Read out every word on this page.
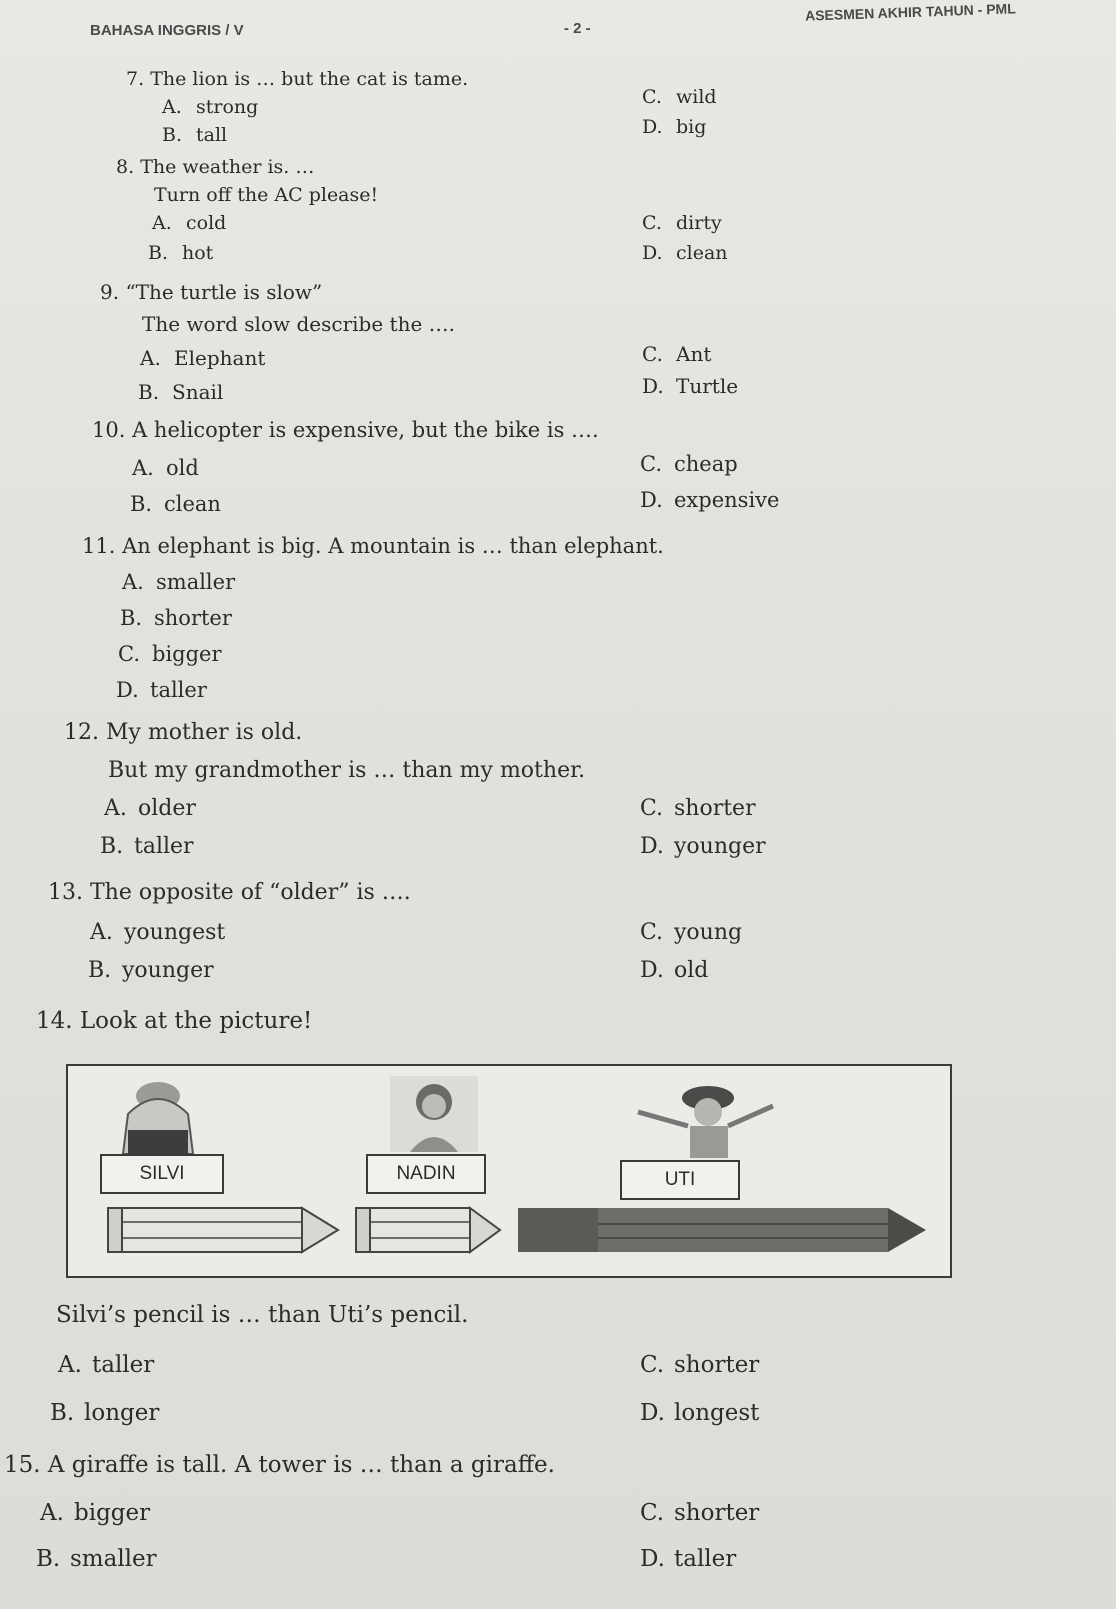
BAHASA INGGRIS / V	- 2 -
ASESMEN AKHIR TAHUN - PML
7. The lion is … but the cat is tame.
A. strong
B. tall
C. wild
D. big
8. The weather is. …
Turn off the AC please!
A. cold
B. hot
C. dirty
D. clean
9. “The turtle is slow”
The word slow describe the ….
A. Elephant
B. Snail
C. Ant
D. Turtle
10. A helicopter is expensive, but the bike is ….
A. old
B. clean
C. cheap
D. expensive
11. An elephant is big. A mountain is … than elephant.
A. smaller
B. shorter
C. bigger
D. taller
12. My mother is old.
But my grandmother is … than my mother.
A. older
B. taller
C. shorter
D. younger
13. The opposite of “older” is ….
A. youngest
B. younger
C. young
D. old
14. Look at the picture!
SILVI	NADIN	UTI
Silvi’s pencil is … than Uti’s pencil.
A. taller
B. longer
C. shorter
D. longest
15. A giraffe is tall. A tower is … than a giraffe.
A. bigger
B. smaller
C. shorter
D. taller
